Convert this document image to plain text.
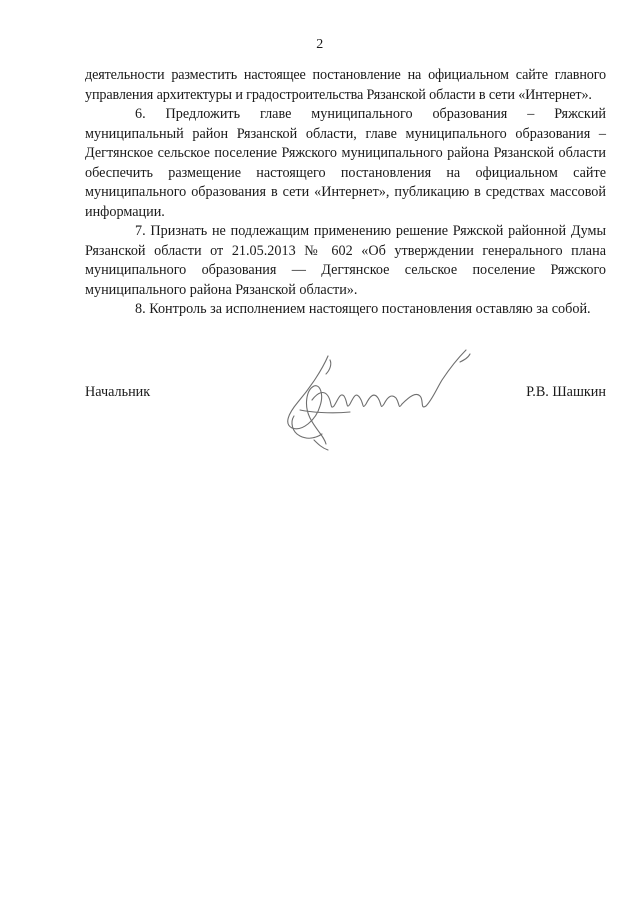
2

деятельности разместить настоящее постановление на официальном сайте главного управления архитектуры и градостроительства Рязанской области в сети «Интернет».

6. Предложить главе муниципального образования – Ряжский муниципальный район Рязанской области, главе муниципального образования – Дегтянское сельское поселение Ряжского муниципального района Рязанской области обеспечить размещение настоящего постановления на официальном сайте муниципального образования в сети «Интернет», публикацию в средствах массовой информации.

7. Признать не подлежащим применению решение Ряжской районной Думы Рязанской области от 21.05.2013 № 602 «Об утверждении генерального плана муниципального образования — Дегтянское сельское поселение Ряжского муниципального района Рязанской области».

8. Контроль за исполнением настоящего постановления оставляю за собой.

Начальник	Р.В. Шашкин
